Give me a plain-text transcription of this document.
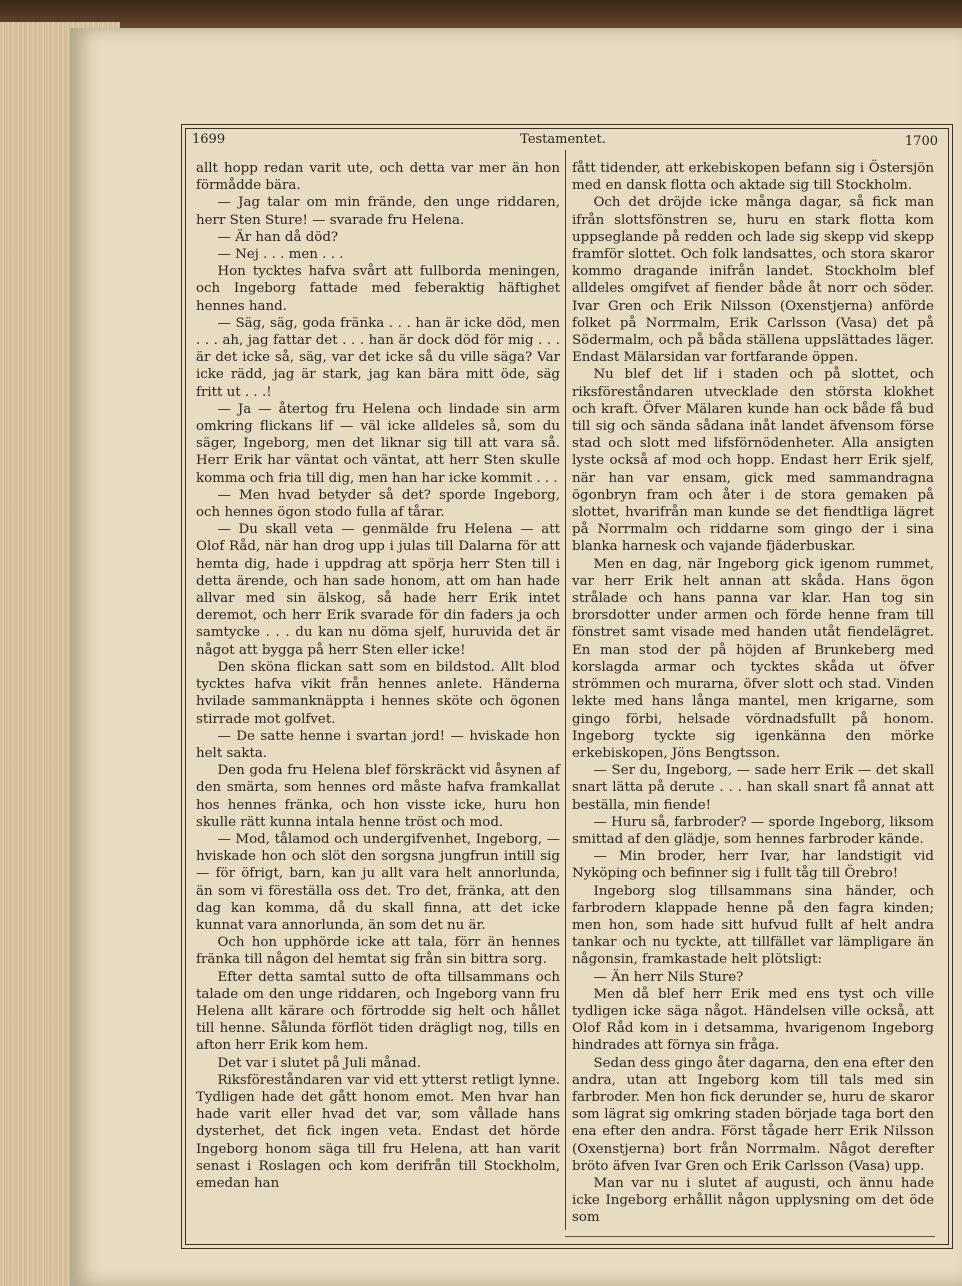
1699	Testamentet.	1700

allt hopp redan varit ute, och detta var mer än hon förmådde bära.

— Jag talar om min frände, den unge riddaren, herr Sten Sture! — svarade fru Helena.

— Är han då död?

— Nej . . . men . . .

Hon tycktes hafva svårt att fullborda meningen, och Ingeborg fattade med feberaktig häftighet hennes hand.

— Säg, säg, goda fränka . . . han är icke död, men . . . ah, jag fattar det . . . han är dock död för mig . . . är det icke så, säg, var det icke så du ville säga? Var icke rädd, jag är stark, jag kan bära mitt öde, säg fritt ut . . .!

— Ja — återtog fru Helena och lindade sin arm omkring flickans lif — väl icke alldeles så, som du säger, Ingeborg, men det liknar sig till att vara så. Herr Erik har väntat och väntat, att herr Sten skulle komma och fria till dig, men han har icke kommit . . .

— Men hvad betyder så det? sporde Ingeborg, och hennes ögon stodo fulla af tårar.

— Du skall veta — genmälde fru Helena — att Olof Råd, när han drog upp i julas till Dalarna för att hemta dig, hade i uppdrag att spörja herr Sten till i detta ärende, och han sade honom, att om han hade allvar med sin älskog, så hade herr Erik intet deremot, och herr Erik svarade för din faders ja och samtycke . . . du kan nu döma sjelf, huruvida det är något att bygga på herr Sten eller icke!

Den sköna flickan satt som en bildstod. Allt blod tycktes hafva vikit från hennes anlete. Händerna hvilade sammanknäppta i hennes sköte och ögonen stirrade mot golfvet.

— De satte henne i svartan jord! — hviskade hon helt sakta.

Den goda fru Helena blef förskräckt vid åsynen af den smärta, som hennes ord måste hafva framkallat hos hennes fränka, och hon visste icke, huru hon skulle rätt kunna intala henne tröst och mod.

— Mod, tålamod och undergifvenhet, Ingeborg, — hviskade hon och slöt den sorgsna jungfrun intill sig — för öfrigt, barn, kan ju allt vara helt annorlunda, än som vi föreställa oss det. Tro det, fränka, att den dag kan komma, då du skall finna, att det icke kunnat vara annorlunda, än som det nu är.

Och hon upphörde icke att tala, förr än hennes fränka till någon del hemtat sig från sin bittra sorg.

Efter detta samtal sutto de ofta tillsammans och talade om den unge riddaren, och Ingeborg vann fru Helena allt kärare och förtrodde sig helt och hållet till henne. Sålunda förflöt tiden drägligt nog, tills en afton herr Erik kom hem.

Det var i slutet på Juli månad.

Riksföreståndaren var vid ett ytterst retligt lynne. Tydligen hade det gått honom emot. Men hvar han hade varit eller hvad det var, som vållade hans dysterhet, det fick ingen veta. Endast det hörde Ingeborg honom säga till fru Helena, att han varit senast i Roslagen och kom derifrån till Stockholm, emedan han

fått tidender, att erkebiskopen befann sig i Östersjön med en dansk flotta och aktade sig till Stockholm.

Och det dröjde icke många dagar, så fick man ifrån slottsfönstren se, huru en stark flotta kom uppseglande på redden och lade sig skepp vid skepp framför slottet. Och folk landsattes, och stora skaror kommo dragande inifrån landet. Stockholm blef alldeles omgifvet af fiender både åt norr och söder. Ivar Gren och Erik Nilsson (Oxenstjerna) anförde folket på Norrmalm, Erik Carlsson (Vasa) det på Södermalm, och på båda ställena uppslättades läger. Endast Mälarsidan var fortfarande öppen.

Nu blef det lif i staden och på slottet, och riksföreståndaren utvecklade den största klokhet och kraft. Öfver Mälaren kunde han ock både få bud till sig och sända sådana inåt landet äfvensom förse stad och slott med lifsförnödenheter. Alla ansigten lyste också af mod och hopp. Endast herr Erik sjelf, när han var ensam, gick med sammandragna ögonbryn fram och åter i de stora gemaken på slottet, hvarifrån man kunde se det fiendtliga lägret på Norrmalm och riddarne som gingo der i sina blanka harnesk och vajande fjäderbuskar.

Men en dag, när Ingeborg gick igenom rummet, var herr Erik helt annan att skåda. Hans ögon strålade och hans panna var klar. Han tog sin brorsdotter under armen och förde henne fram till fönstret samt visade med handen utåt fiendelägret. En man stod der på höjden af Brunkeberg med korslagda armar och tycktes skåda ut öfver strömmen och murarna, öfver slott och stad. Vinden lekte med hans långa mantel, men krigarne, som gingo förbi, helsade vördnadsfullt på honom. Ingeborg tyckte sig igenkänna den mörke erkebiskopen, Jöns Bengtsson.

— Ser du, Ingeborg, — sade herr Erik — det skall snart lätta på derute . . . han skall snart få annat att beställa, min fiende!

— Huru så, farbroder? — sporde Ingeborg, liksom smittad af den glädje, som hennes farbroder kände.

— Min broder, herr Ivar, har landstigit vid Nyköping och befinner sig i fullt tåg till Örebro!

Ingeborg slog tillsammans sina händer, och farbrodern klappade henne på den fagra kinden; men hon, som hade sitt hufvud fullt af helt andra tankar och nu tyckte, att tillfället var lämpligare än någonsin, framkastade helt plötsligt:

— Än herr Nils Sture?

Men då blef herr Erik med ens tyst och ville tydligen icke säga något. Händelsen ville också, att Olof Råd kom in i detsamma, hvarigenom Ingeborg hindrades att förnya sin fråga.

Sedan dess gingo åter dagarna, den ena efter den andra, utan att Ingeborg kom till tals med sin farbroder. Men hon fick derunder se, huru de skaror som lägrat sig omkring staden började taga bort den ena efter den andra. Först tågade herr Erik Nilsson (Oxenstjerna) bort från Norrmalm. Något derefter bröto äfven Ivar Gren och Erik Carlsson (Vasa) upp.

Man var nu i slutet af augusti, och ännu hade icke Ingeborg erhållit någon upplysning om det öde som
